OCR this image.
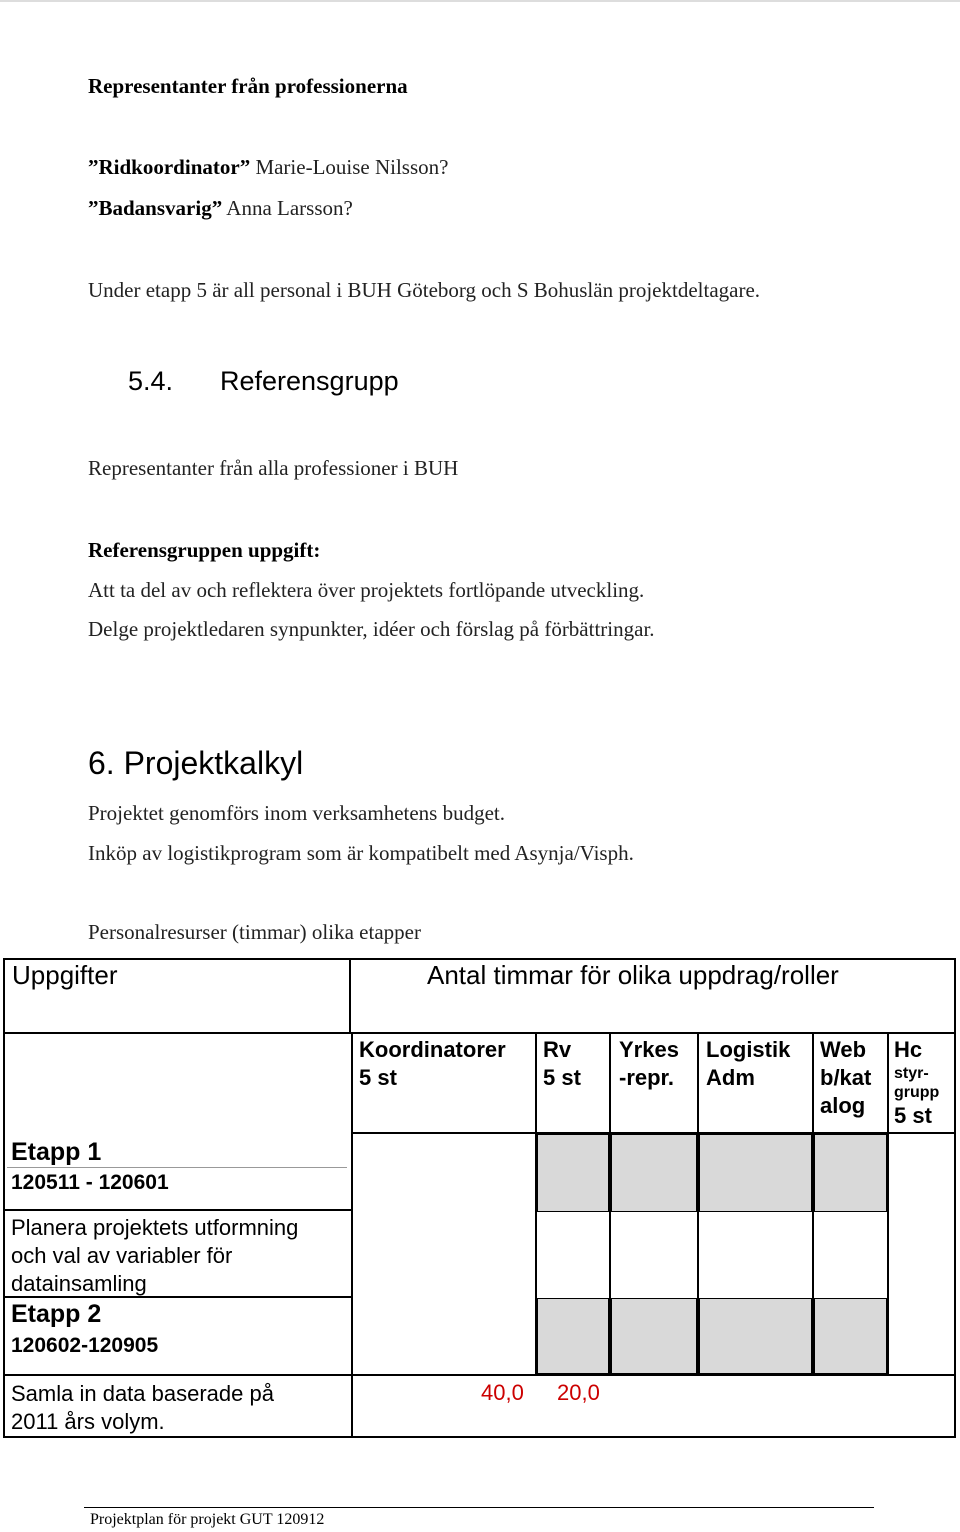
Representanter från professionerna
”Ridkoordinator” Marie-Louise Nilsson?
”Badansvarig” Anna Larsson?
Under etapp 5 är all personal i BUH Göteborg och S Bohuslän projektdeltagare.
5.4. Referensgrupp
Representanter från alla professioner i BUH
Referensgruppen uppgift:
Att ta del av och reflektera över projektets fortlöpande utveckling.
Delge projektledaren synpunkter, idéer och förslag på förbättringar.
6. Projektkalkyl
Projektet genomförs inom verksamhetens budget.
Inköp av logistikprogram som är kompatibelt med Asynja/Visph.
Personalresurser (timmar) olika etapper
Uppgifter	Antal timmar för olika uppdrag/roller
Koordinatorer
5 st
Rv
5 st
Yrkes
-repr.
Logistik
Adm
Web
b/kat
alog
Hc
styr-
grupp
5 st
Etapp 1
120511 - 120601
Planera projektets utformning
och val av variabler för
datainsamling
Etapp 2
120602-120905
Samla in data baserade på
2011 års volym.
40,0 20,0
Projektplan för projekt GUT 120912
